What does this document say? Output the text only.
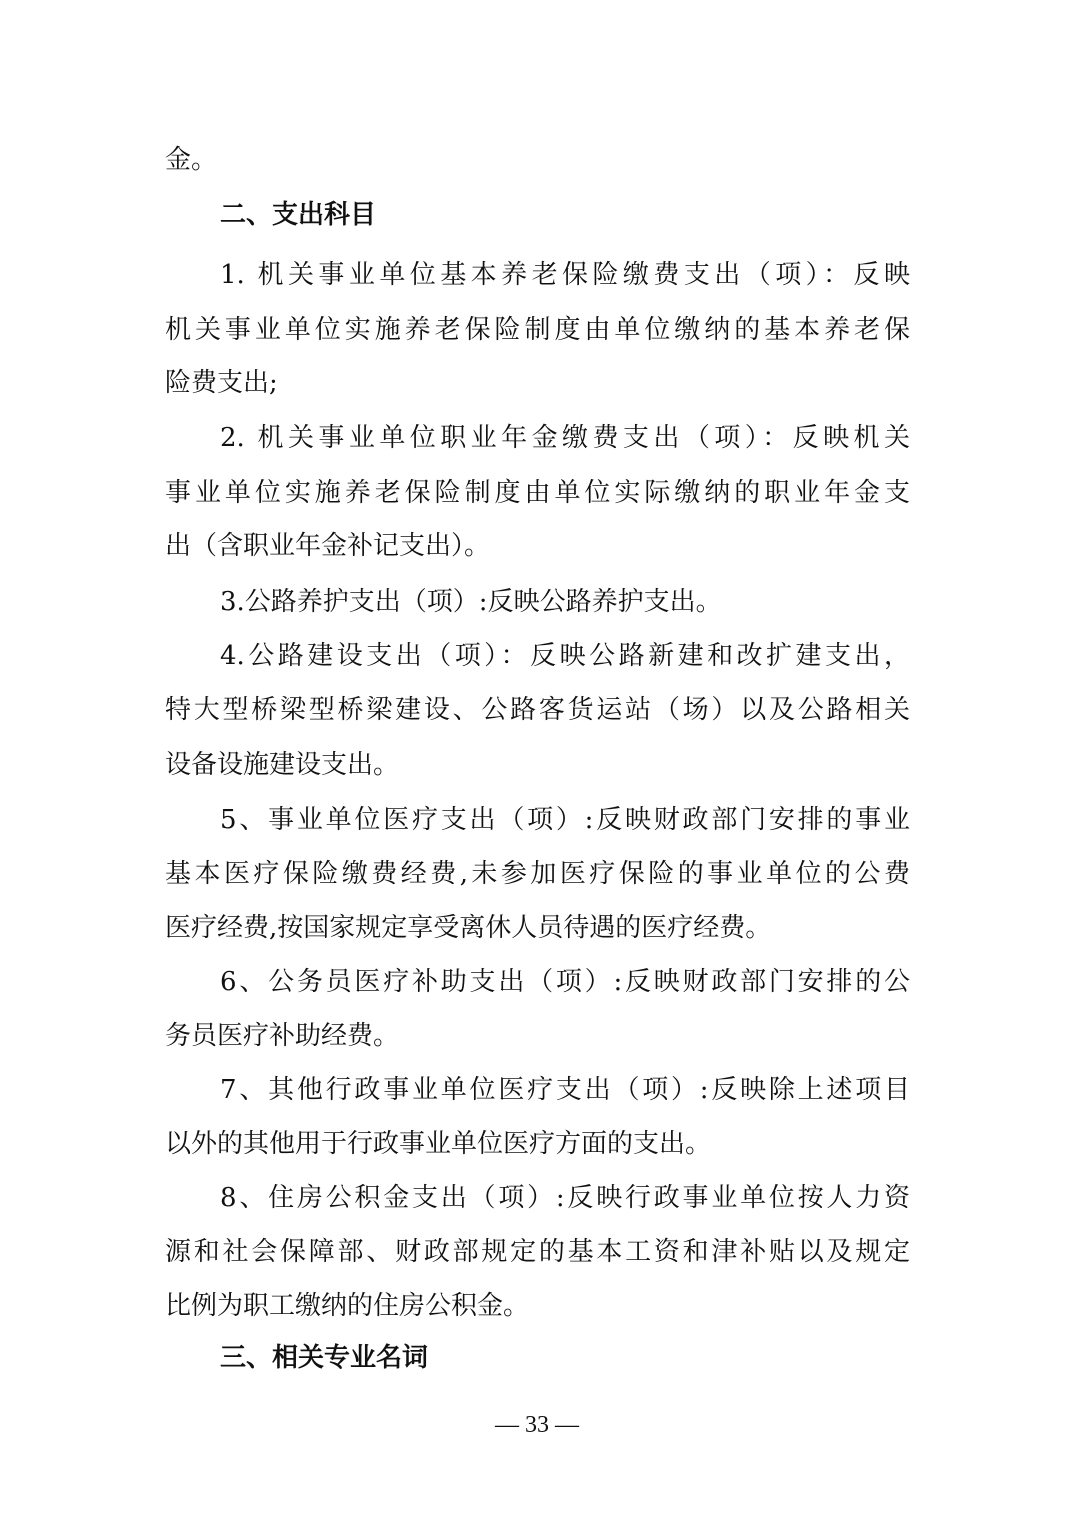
金。
二、支出科目
1. 机关事业单位基本养老保险缴费支出（项）：反映
机关事业单位实施养老保险制度由单位缴纳的基本养老保
险费支出;
2. 机关事业单位职业年金缴费支出（项）：反映机关
事业单位实施养老保险制度由单位实际缴纳的职业年金支
出（含职业年金补记支出）。
3.公路养护支出（项）:反映公路养护支出。
4.公路建设支出（项）：反映公路新建和改扩建支出，
特大型桥梁型桥梁建设、公路客货运站（场）以及公路相关
设备设施建设支出。
5、事业单位医疗支出（项）:反映财政部门安排的事业
基本医疗保险缴费经费,未参加医疗保险的事业单位的公费
医疗经费,按国家规定享受离休人员待遇的医疗经费。
6、公务员医疗补助支出（项）:反映财政部门安排的公
务员医疗补助经费。
7、其他行政事业单位医疗支出（项）:反映除上述项目
以外的其他用于行政事业单位医疗方面的支出。
8、住房公积金支出（项）:反映行政事业单位按人力资
源和社会保障部、财政部规定的基本工资和津补贴以及规定
比例为职工缴纳的住房公积金。
三、相关专业名词
— 33 —
